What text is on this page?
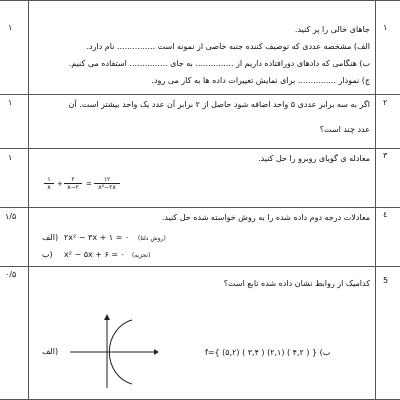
۱
۱	جاهای خالی را پر کنید.
الف) مشخصه عددی که توصیف کننده جنبه خاصی از نمونه است ............... نام دارد.
ب) هنگامی که دادهای دورافتاده داریم از ............... به جای ............... استفاده می کنیم.
ج) نمودار ............... برای نمایش تغییرات داده ها به کار می رود.
۲
۱	اگر به سه برابر عددی ۵ واحد اضافه شود حاصل از ۲ برابر آن عدد یک واحد بیشتر است. آن
عدد چند است؟
۳
۱	معادله ی گویای روبرو را حل کنید.
۱
x +
۲
x−۲	=
۱۲
x²−۲x
٤
۱/۵	معادلات درجه دوم داده شده را به روش خواسته شده حل کنید.
الف) ۲x² − ۳x + ۱ = ۰ (روش دلتا)
ب) x² − ۵x + ۶ = ۰ (تجزیه)
5
۰/۵
کدامیک از روابط نشان داده شده تابع است؟
الف)	ب) f={ (۵,۲) ( ۳,۴ ) (۲,۱) ( ۴,۲ ) }
